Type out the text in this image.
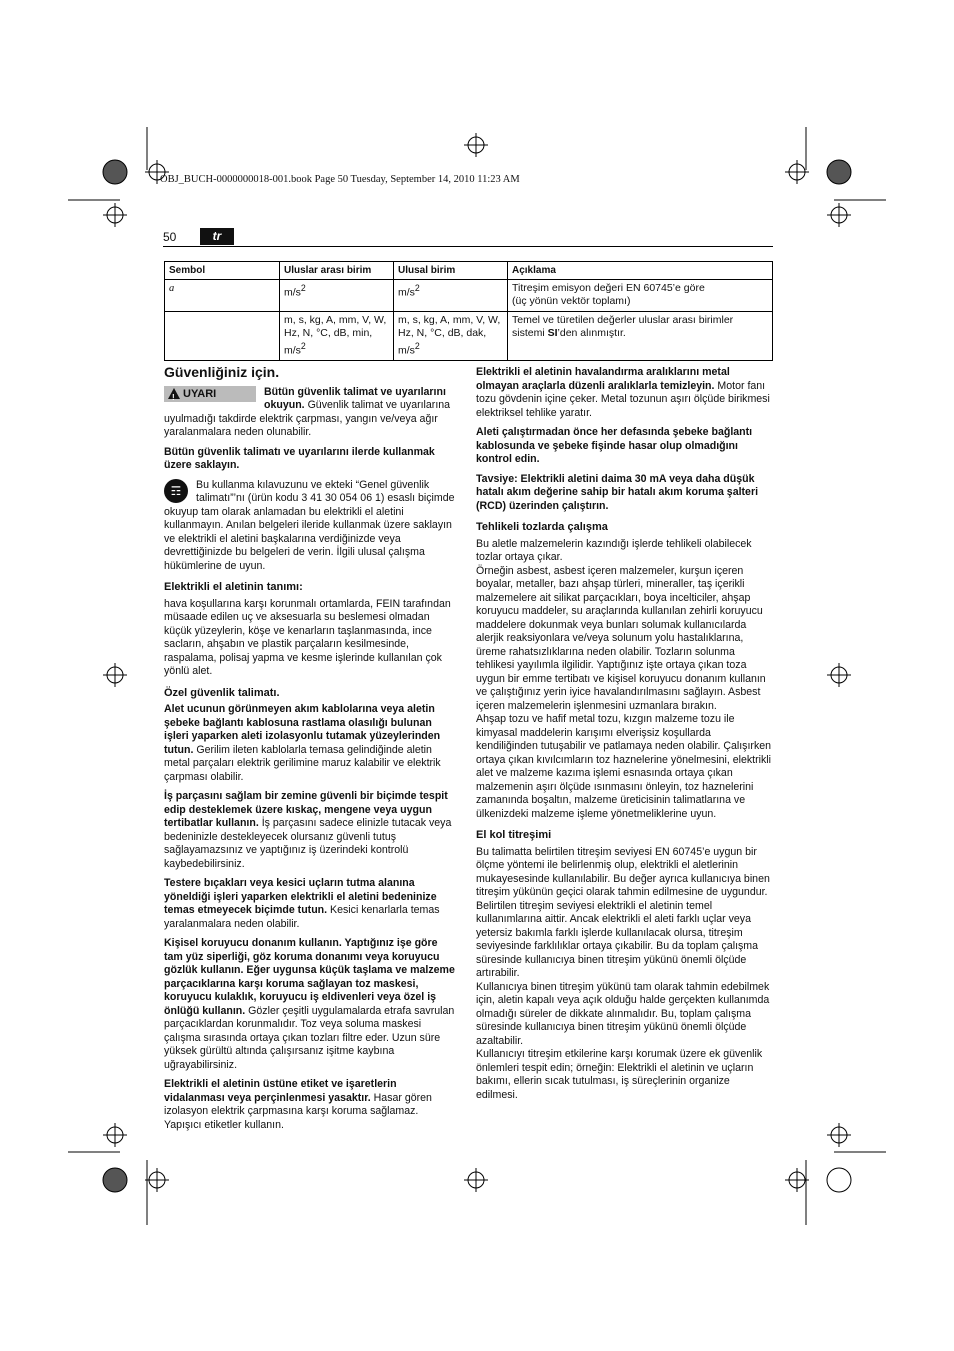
OBJ_BUCH-0000000018-001.book Page 50 Tuesday, September 14, 2010 11:23 AM
50	tr
Sembol	Uluslar arası birim	Ulusal birim	Açıklama
a	$m/s^2$	$m/s^2$	Titreşim emisyon değeri EN 60745’e göre
(üç yönün vektör toplamı)
	m, s, kg, A, mm, V, W, Hz, N, °C, dB, min, $m/s^2$	m, s, kg, A, mm, V, W, Hz, N, °C, dB, dak, $m/s^2$	Temel ve türetilen değerler uluslar arası birimler sistemi SI’den alınmıştır.
Güvenliğiniz için.

! UYARI	Bütün güvenlik talimat ve uyarılarını okuyun. Güvenlik talimat ve uyarılarına uyulmadığı takdirde elektrik çarpması, yangın ve/veya ağır yaralanmalara neden olunabilir.

Bütün güvenlik talimatı ve uyarılarını ilerde kullanmak üzere saklayın.

☶	Bu kullanma kılavuzunu ve ekteki “Genel güvenlik talimatı”’nı (ürün kodu 3 41 30 054 06 1) esaslı biçimde okuyup tam olarak anlamadan bu elektrikli el aletini kullanmayın. Anılan belgeleri ileride kullanmak üzere saklayın ve elektrikli el aletini başkalarına verdiğinizde veya devrettiğinizde bu belgeleri de verin. İlgili ulusal çalışma hükümlerine de uyun.

Elektrikli el aletinin tanımı:

hava koşullarına karşı korunmalı ortamlarda, FEIN tarafından müsaade edilen uç ve aksesuarla su beslemesi olmadan küçük yüzeylerin, köşe ve kenarların taşlanmasında, ince sacların, ahşabın ve plastik parçaların kesilmesinde, raspalama, polisaj yapma ve kesme işlerinde kullanılan çok yönlü alet.

Özel güvenlik talimatı.

Alet ucunun görünmeyen akım kablolarına veya aletin şebeke bağlantı kablosuna rastlama olasılığı bulunan işleri yaparken aleti izolasyonlu tutamak yüzeylerinden tutun. Gerilim ileten kablolarla temasa gelindiğinde aletin metal parçaları elektrik gerilimine maruz kalabilir ve elektrik çarpması olabilir.

İş parçasını sağlam bir zemine güvenli bir biçimde tespit edip desteklemek üzere kıskaç, mengene veya uygun tertibatlar kullanın. İş parçasını sadece elinizle tutacak veya bedeninizle destekleyecek olursanız güvenli tutuş sağlayamazsınız ve yaptığınız iş üzerindeki kontrolü kaybedebilirsiniz.

Testere bıçakları veya kesici uçların tutma alanına yöneldiği işleri yaparken elektrikli el aletini bedeninize temas etmeyecek biçimde tutun. Kesici kenarlarla temas yaralanmalara neden olabilir.

Kişisel koruyucu donanım kullanın. Yaptığınız işe göre tam yüz siperliği, göz koruma donanımı veya koruyucu gözlük kullanın. Eğer uygunsa küçük taşlama ve malzeme parçacıklarına karşı koruma sağlayan toz maskesi, koruyucu kulaklık, koruyucu iş eldivenleri veya özel iş önlüğü kullanın. Gözler çeşitli uygulamalarda etrafa savrulan parçacıklardan korunmalıdır. Toz veya soluma maskesi çalışma sırasında ortaya çıkan tozları filtre eder. Uzun süre yüksek gürültü altında çalışırsanız işitme kaybına uğrayabilirsiniz.

Elektrikli el aletinin üstüne etiket ve işaretlerin vidalanması veya perçinlenmesi yasaktır. Hasar gören izolasyon elektrik çarpmasına karşı koruma sağlamaz. Yapışıcı etiketler kullanın.

Elektrikli el aletinin havalandırma aralıklarını metal olmayan araçlarla düzenli aralıklarla temizleyin. Motor fanı tozu gövdenin içine çeker. Metal tozunun aşırı ölçüde birikmesi elektriksel tehlike yaratır.

Aleti çalıştırmadan önce her defasında şebeke bağlantı kablosunda ve şebeke fişinde hasar olup olmadığını kontrol edin.

Tavsiye: Elektrikli aletini daima 30 mA veya daha düşük hatalı akım değerine sahip bir hatalı akım koruma şalteri (RCD) üzerinden çalıştırın.

Tehlikeli tozlarda çalışma

Bu aletle malzemelerin kazındığı işlerde tehlikeli olabilecek tozlar ortaya çıkar.

Örneğin asbest, asbest içeren malzemeler, kurşun içeren boyalar, metaller, bazı ahşap türleri, mineraller, taş içerikli malzemelere ait silikat parçacıkları, boya incelticiler, ahşap koruyucu maddeler, su araçlarında kullanılan zehirli koruyucu maddelere dokunmak veya bunları solumak kullanıcılarda alerjik reaksiyonlara ve/veya solunum yolu hastalıklarına, üreme rahatsızlıklarına neden olabilir. Tozların solunma tehlikesi yayılımla ilgilidir. Yaptığınız işte ortaya çıkan toza uygun bir emme tertibatı ve kişisel koruyucu donanım kullanın ve çalıştığınız yerin iyice havalandırılmasını sağlayın. Asbest içeren malzemelerin işlenmesini uzmanlara bırakın.

Ahşap tozu ve hafif metal tozu, kızgın malzeme tozu ile kimyasal maddelerin karışımı elverişsiz koşullarda kendiliğinden tutuşabilir ve patlamaya neden olabilir. Çalışırken ortaya çıkan kıvılcımların toz haznelerine yönelmesini, elektrikli alet ve malzeme kazıma işlemi esnasında ortaya çıkan malzemenin aşırı ölçüde ısınmasını önleyin, toz haznelerini zamanında boşaltın, malzeme üreticisinin talimatlarına ve ülkenizdeki malzeme işleme yönetmeliklerine uyun.

El kol titreşimi

Bu talimatta belirtilen titreşim seviyesi EN 60745’e uygun bir ölçme yöntemi ile belirlenmiş olup, elektrikli el aletlerinin mukayesesinde kullanılabilir. Bu değer ayrıca kullanıcıya binen titreşim yükünün geçici olarak tahmin edilmesine de uygundur.

Belirtilen titreşim seviyesi elektrikli el aletinin temel kullanımlarına aittir. Ancak elektrikli el aleti farklı uçlar veya yetersiz bakımla farklı işlerde kullanılacak olursa, titreşim seviyesinde farklılıklar ortaya çıkabilir. Bu da toplam çalışma süresinde kullanıcıya binen titreşim yükünü önemli ölçüde artırabilir.

Kullanıcıya binen titreşim yükünü tam olarak tahmin edebilmek için, aletin kapalı veya açık olduğu halde gerçekten kullanımda olmadığı süreler de dikkate alınmalıdır. Bu, toplam çalışma süresinde kullanıcıya binen titreşim yükünü önemli ölçüde azaltabilir.

Kullanıcıyı titreşim etkilerine karşı korumak üzere ek güvenlik önlemleri tespit edin; örneğin: Elektrikli el aletinin ve uçların bakımı, ellerin sıcak tutulması, iş süreçlerinin organize edilmesi.
